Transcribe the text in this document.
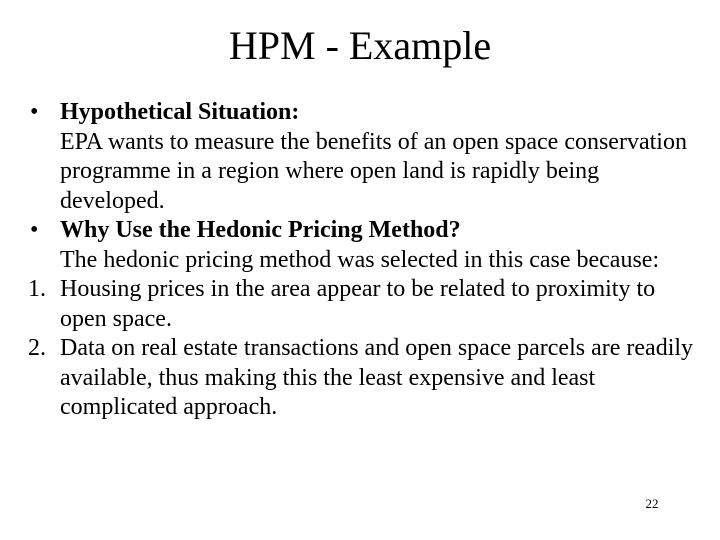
HPM - Example
• Hypothetical Situation:
EPA wants to measure the benefits of an open space conservation programme in a region where open land is rapidly being developed.
• Why Use the Hedonic Pricing Method?
The hedonic pricing method was selected in this case because:
1. Housing prices in the area appear to be related to proximity to open space.
2. Data on real estate transactions and open space parcels are readily available, thus making this the least expensive and least complicated approach.
22
